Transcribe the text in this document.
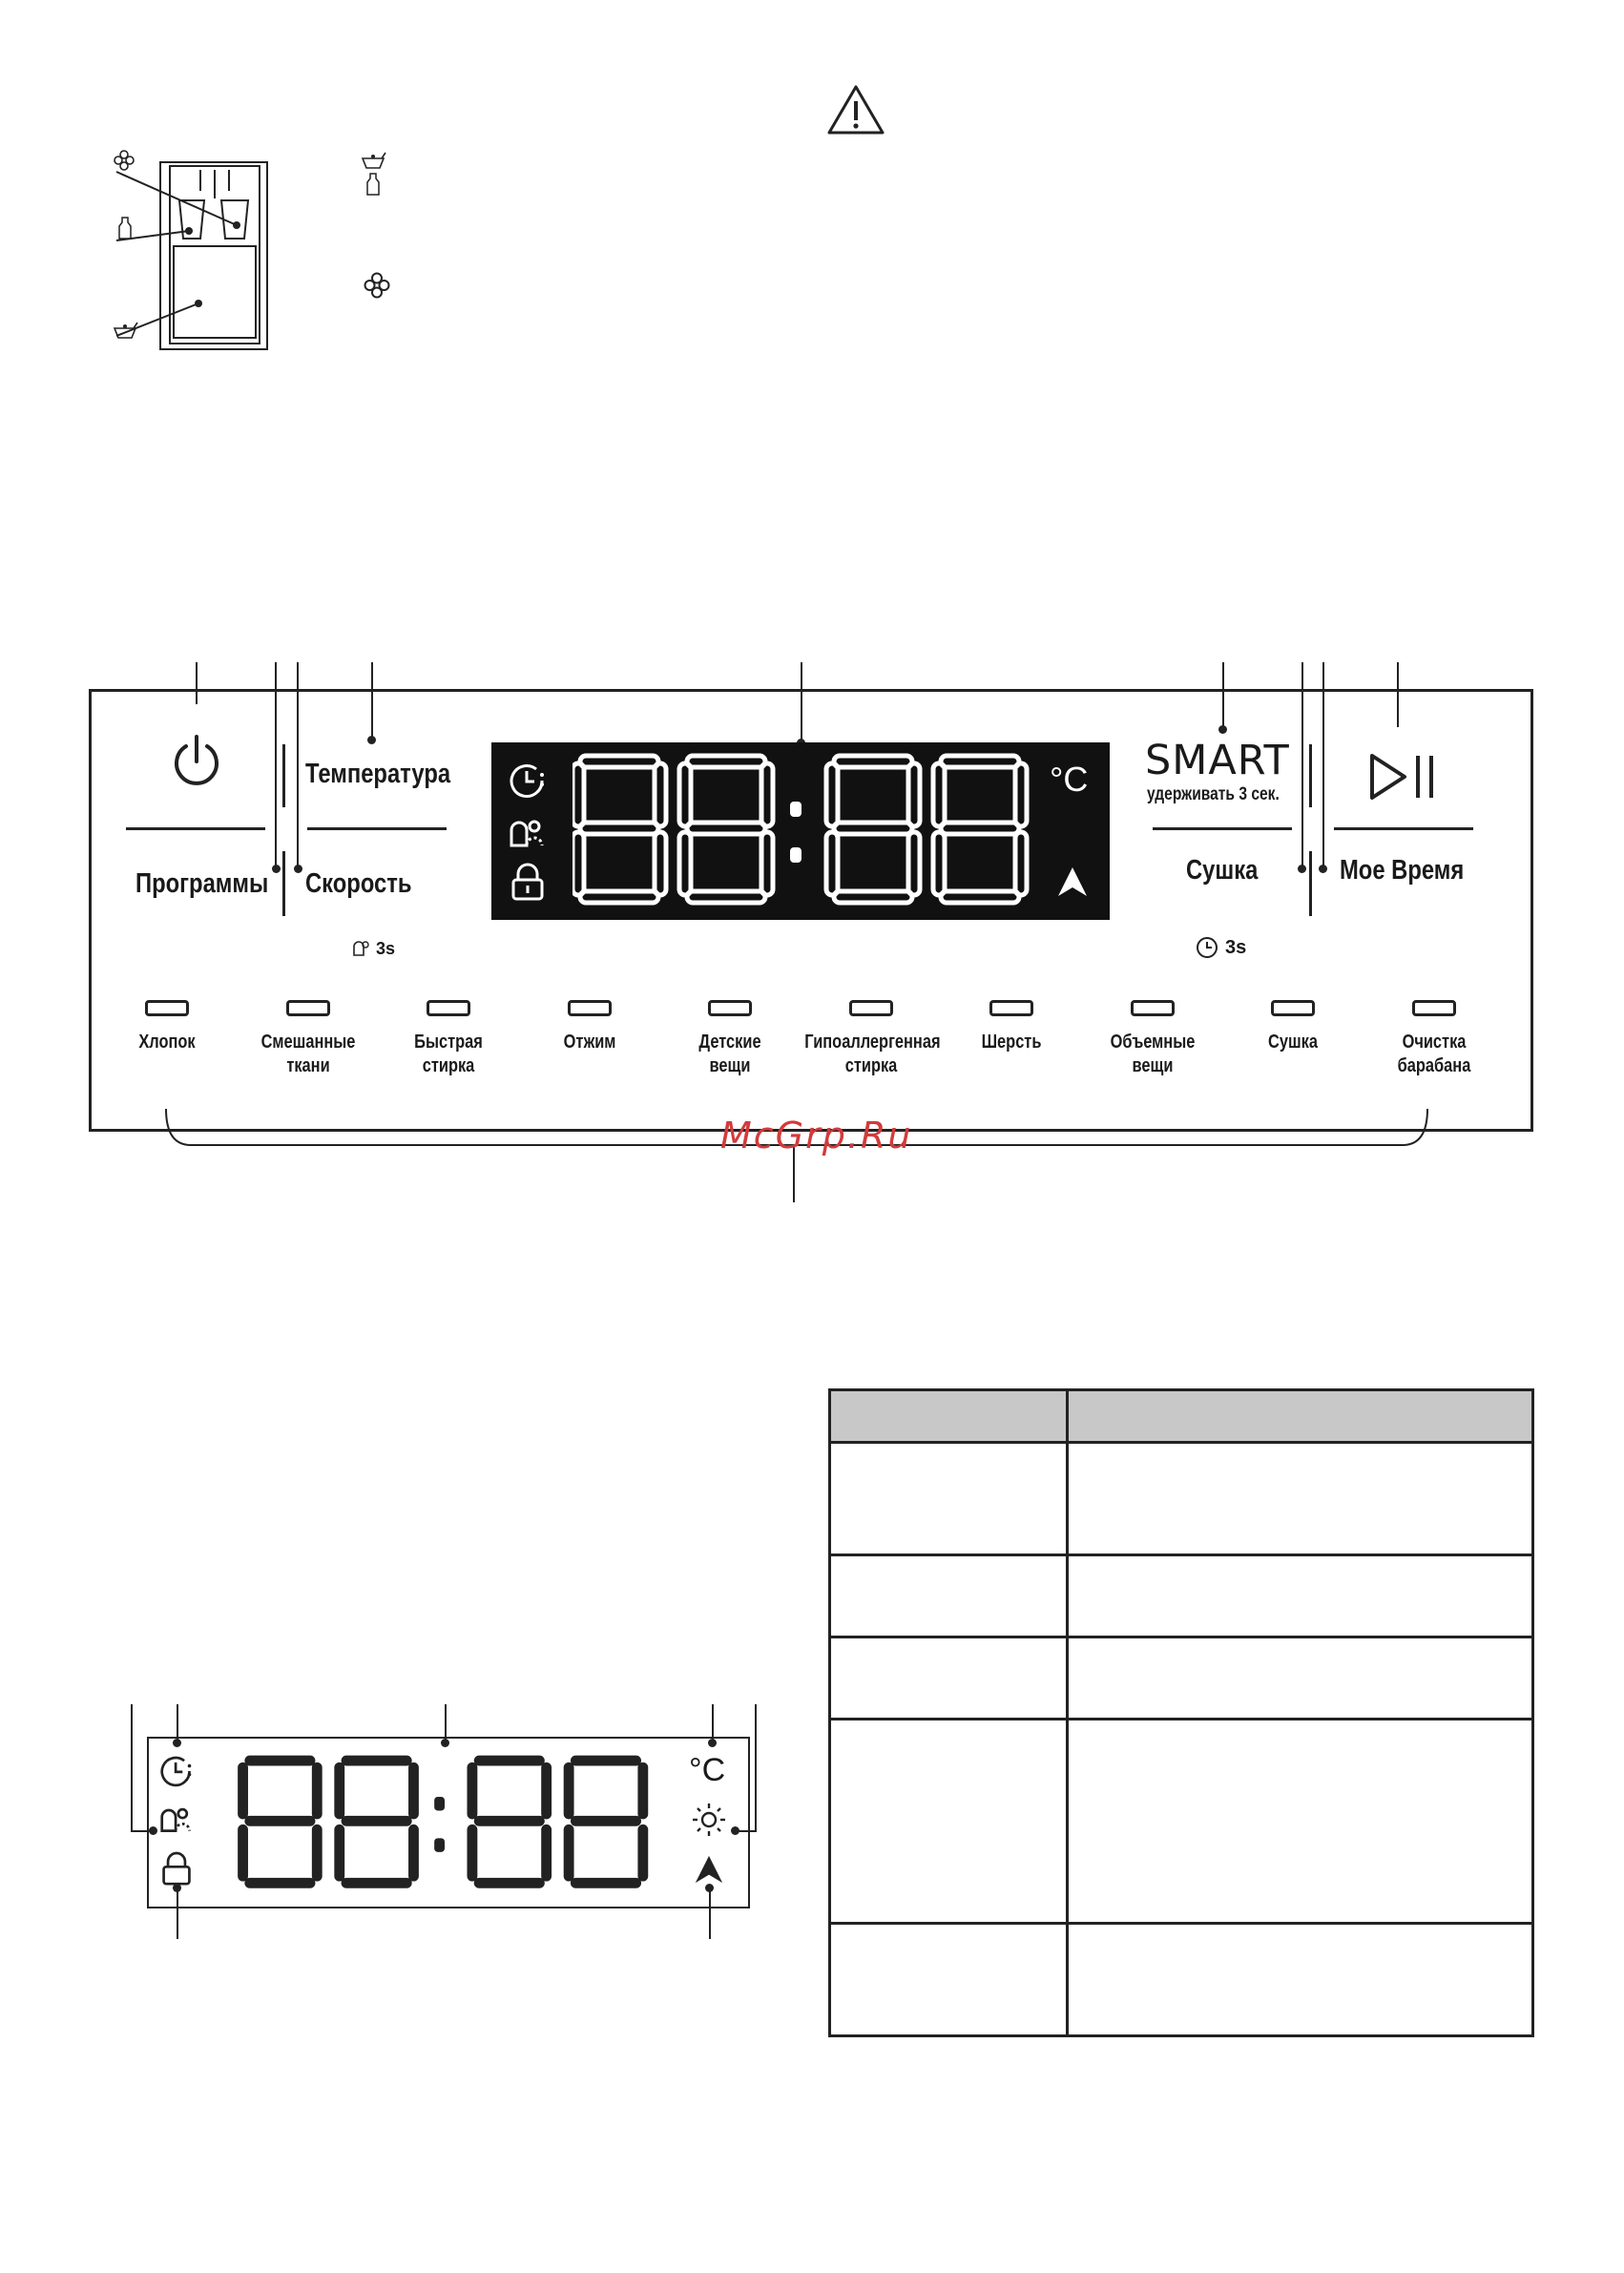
Температура
Программы Скорость
3s
°C SMART
удерживать 3 сек.
Сушка	Мое Время
3s
Хлопок	Смешанные
ткани
Быстрая
стирка
Отжим	Детские
вещи
Гипоаллергенная
стирка
Шерсть	Объемные
вещи
Сушка	Очистка
барабана
McGrp.Ru
°C
